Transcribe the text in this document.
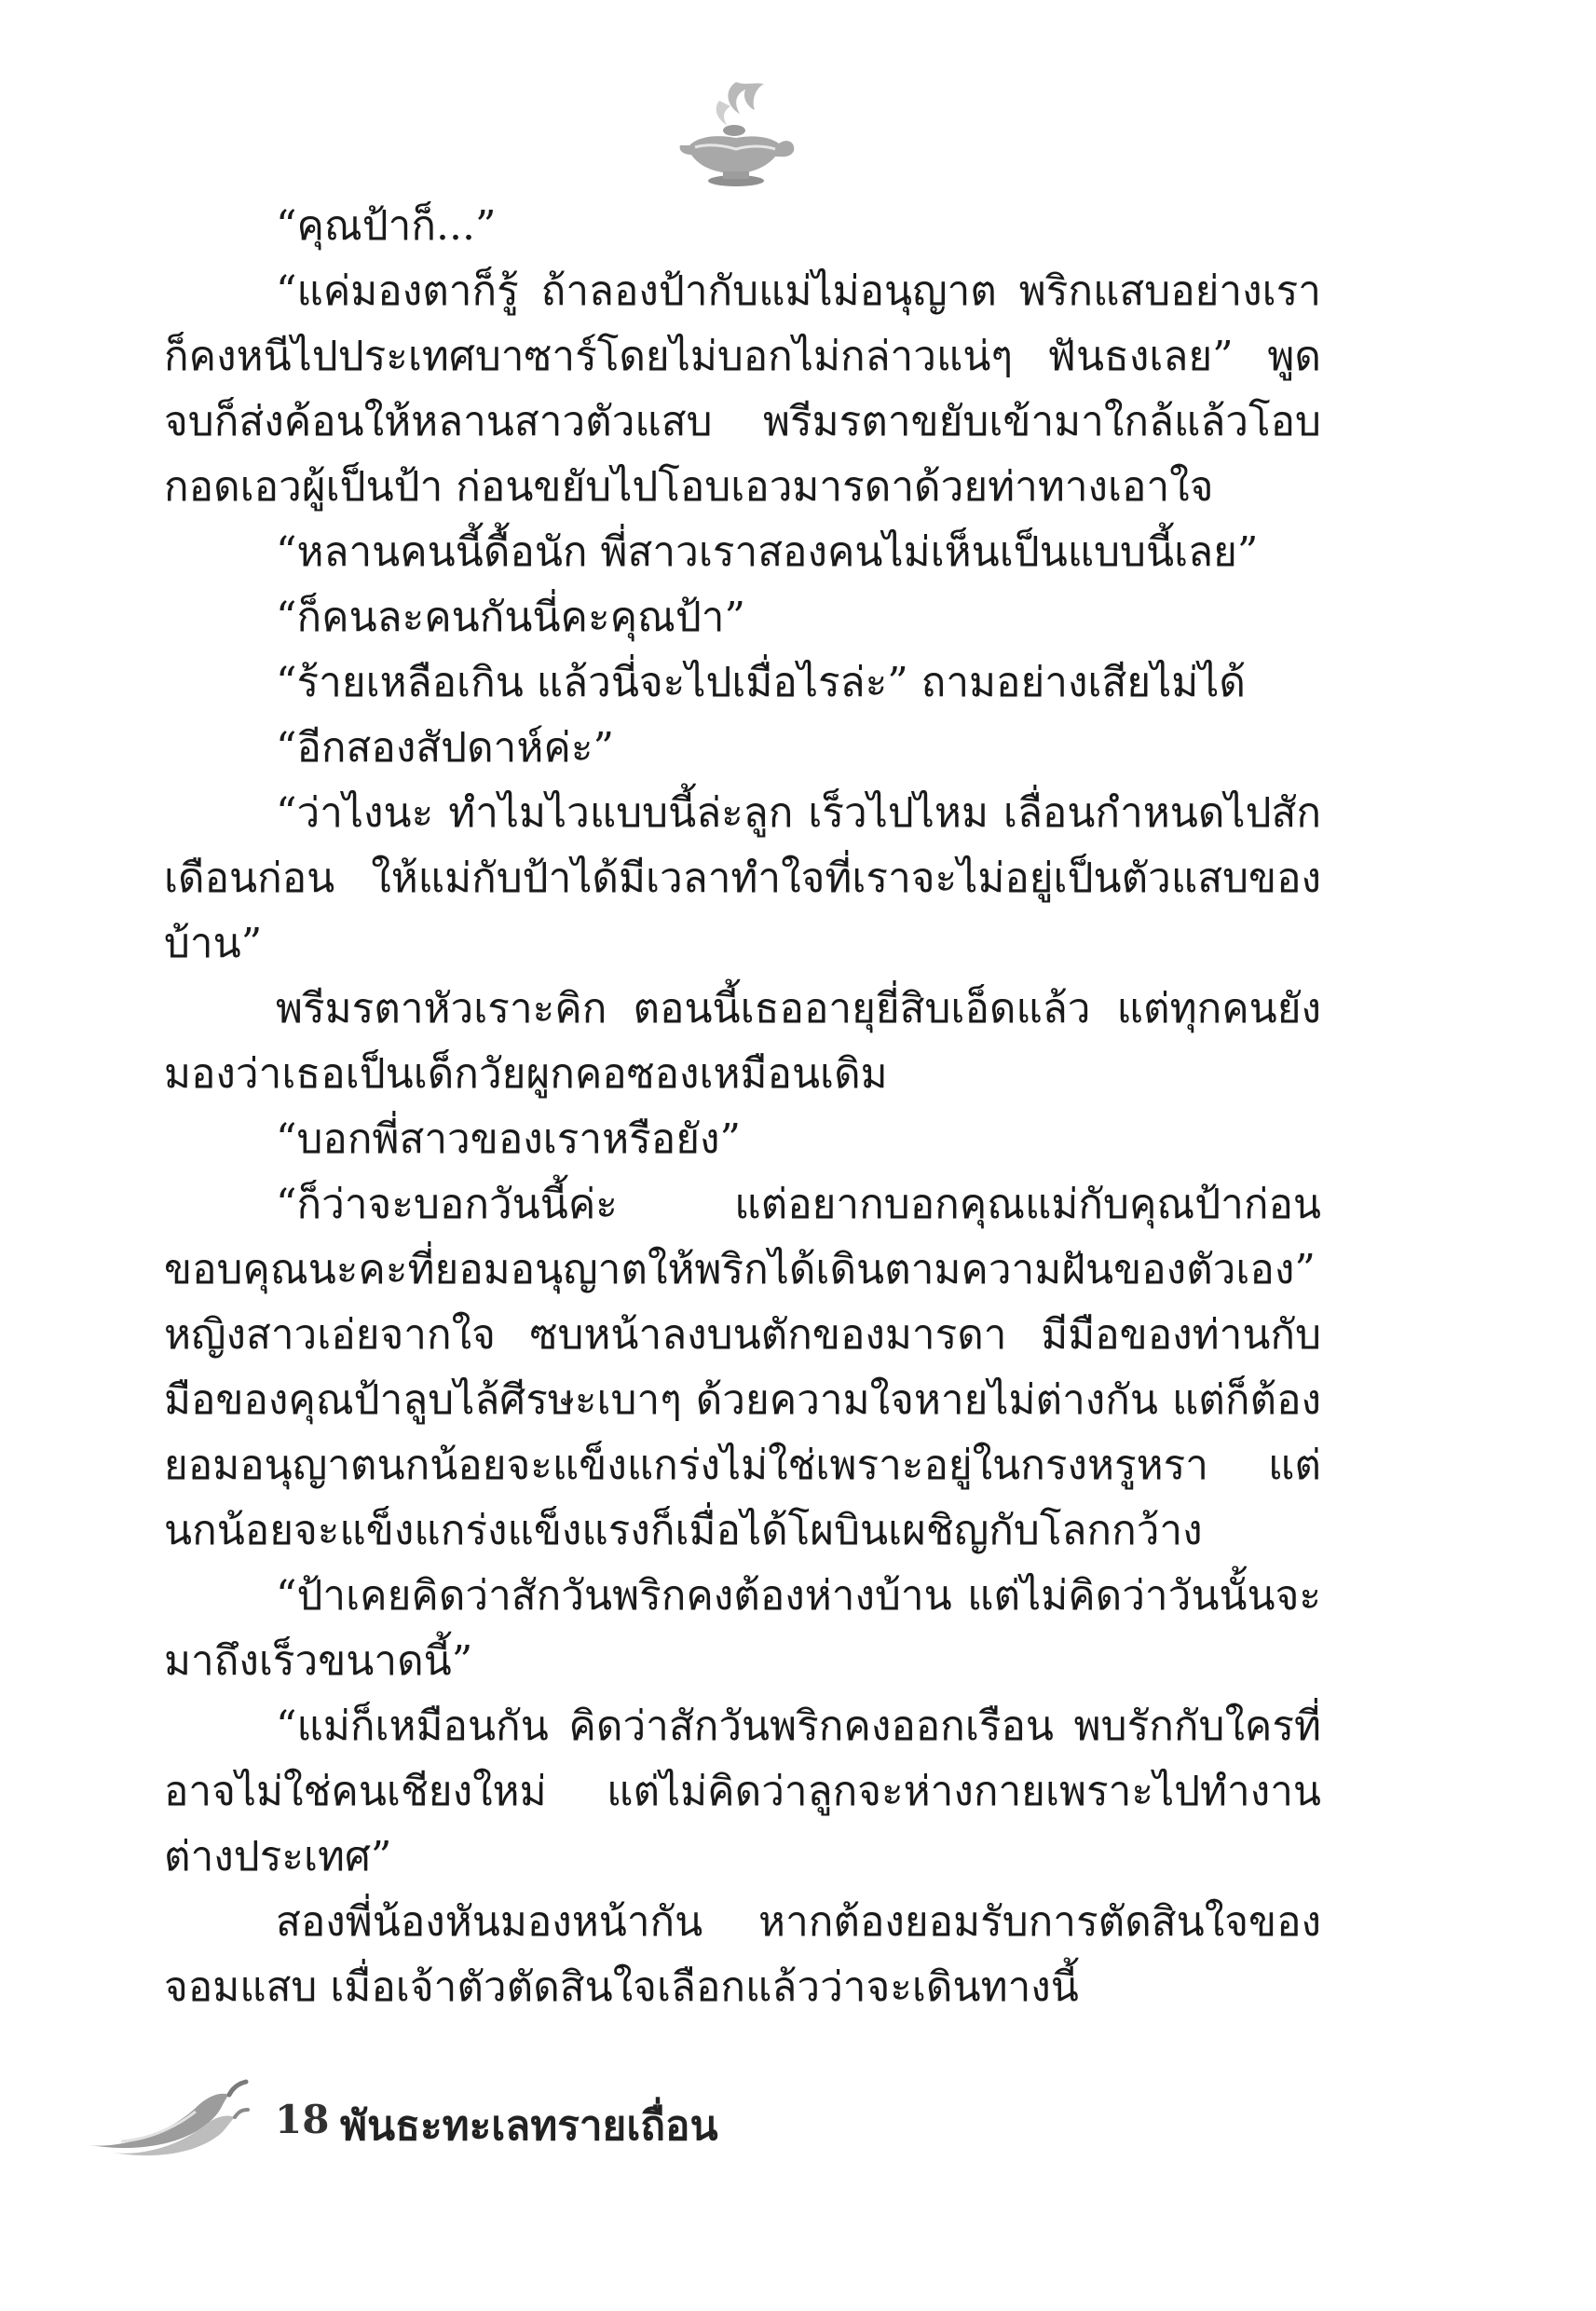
“คุณป้าก็...”

“แค่มองตาก็รู้ ถ้าลองป้ากับแม่ไม่อนุญาต พริกแสบอย่างเราก็คงหนีไปประเทศบาซาร์โดยไม่บอกไม่กล่าวแน่ๆ ฟันธงเลย” พูดจบก็ส่งค้อนให้หลานสาวตัวแสบ พรีมรตาขยับเข้ามาใกล้แล้วโอบกอดเอวผู้เป็นป้า ก่อนขยับไปโอบเอวมารดาด้วยท่าทางเอาใจ

“หลานคนนี้ดื้อนัก พี่สาวเราสองคนไม่เห็นเป็นแบบนี้เลย”

“ก็คนละคนกันนี่คะคุณป้า”

“ร้ายเหลือเกิน แล้วนี่จะไปเมื่อไรล่ะ” ถามอย่างเสียไม่ได้

“อีกสองสัปดาห์ค่ะ”

“ว่าไงนะ ทำไมไวแบบนี้ล่ะลูก เร็วไปไหม เลื่อนกำหนดไปสักเดือนก่อน ให้แม่กับป้าได้มีเวลาทำใจที่เราจะไม่อยู่เป็นตัวแสบของบ้าน”

พรีมรตาหัวเราะคิก ตอนนี้เธออายุยี่สิบเอ็ดแล้ว แต่ทุกคนยังมองว่าเธอเป็นเด็กวัยผูกคอซองเหมือนเดิม

“บอกพี่สาวของเราหรือยัง”

“ก็ว่าจะบอกวันนี้ค่ะ แต่อยากบอกคุณแม่กับคุณป้าก่อน ขอบคุณนะคะที่ยอมอนุญาตให้พริกได้เดินตามความฝันของตัวเอง” หญิงสาวเอ่ยจากใจ ซบหน้าลงบนตักของมารดา มีมือของท่านกับมือของคุณป้าลูบไล้ศีรษะเบาๆ ด้วยความใจหายไม่ต่างกัน แต่ก็ต้องยอมอนุญาตนกน้อยจะแข็งแกร่งไม่ใช่เพราะอยู่ในกรงหรูหรา แต่นกน้อยจะแข็งแกร่งแข็งแรงก็เมื่อได้โผบินเผชิญกับโลกกว้าง

“ป้าเคยคิดว่าสักวันพริกคงต้องห่างบ้าน แต่ไม่คิดว่าวันนั้นจะมาถึงเร็วขนาดนี้”

“แม่ก็เหมือนกัน คิดว่าสักวันพริกคงออกเรือน พบรักกับใครที่อาจไม่ใช่คนเชียงใหม่ แต่ไม่คิดว่าลูกจะห่างกายเพราะไปทำงานต่างประเทศ”

สองพี่น้องหันมองหน้ากัน หากต้องยอมรับการตัดสินใจของจอมแสบ เมื่อเจ้าตัวตัดสินใจเลือกแล้วว่าจะเดินทางนี้

18 พันธะทะเลทรายเถื่อน
